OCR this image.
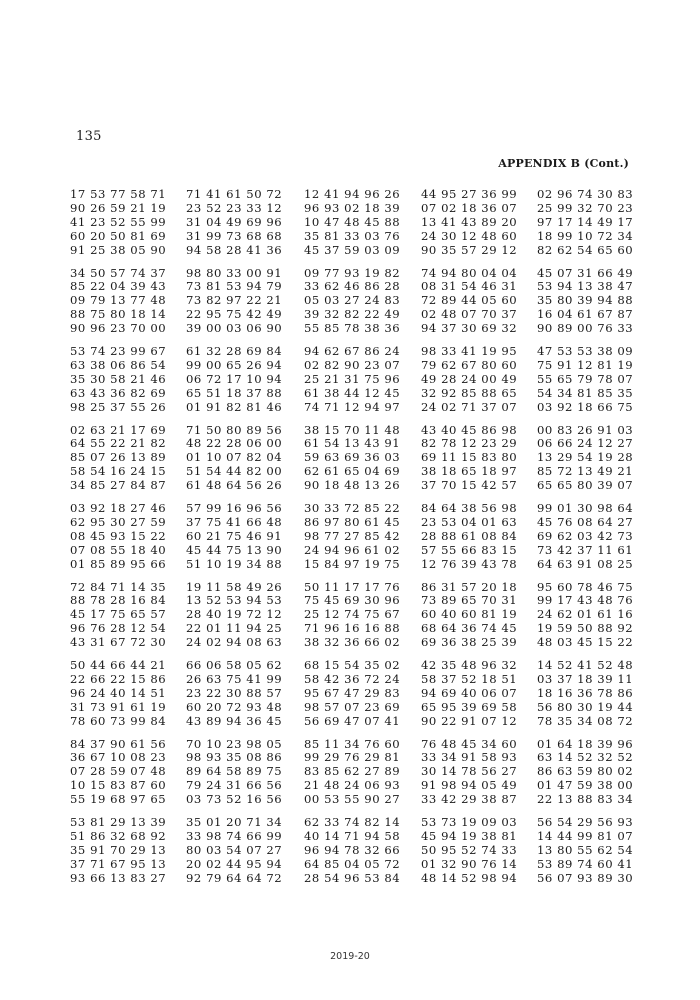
135
APPENDIX B (Cont.)
17 53 77 58 71
90 26 59 21 19
41 23 52 55 99
60 20 50 81 69
91 25 38 05 90
71 41 61 50 72
23 52 23 33 12
31 04 49 69 96
31 99 73 68 68
94 58 28 41 36
12 41 94 96 26
96 93 02 18 39
10 47 48 45 88
35 81 33 03 76
45 37 59 03 09
44 95 27 36 99
07 02 18 36 07
13 41 43 89 20
24 30 12 48 60
90 35 57 29 12
02 96 74 30 83
25 99 32 70 23
97 17 14 49 17
18 99 10 72 34
82 62 54 65 60
34 50 57 74 37
85 22 04 39 43
09 79 13 77 48
88 75 80 18 14
90 96 23 70 00
98 80 33 00 91
73 81 53 94 79
73 82 97 22 21
22 95 75 42 49
39 00 03 06 90
09 77 93 19 82
33 62 46 86 28
05 03 27 24 83
39 32 82 22 49
55 85 78 38 36
74 94 80 04 04
08 31 54 46 31
72 89 44 05 60
02 48 07 70 37
94 37 30 69 32
45 07 31 66 49
53 94 13 38 47
35 80 39 94 88
16 04 61 67 87
90 89 00 76 33
53 74 23 99 67
63 38 06 86 54
35 30 58 21 46
63 43 36 82 69
98 25 37 55 26
61 32 28 69 84
99 00 65 26 94
06 72 17 10 94
65 51 18 37 88
01 91 82 81 46
94 62 67 86 24
02 82 90 23 07
25 21 31 75 96
61 38 44 12 45
74 71 12 94 97
98 33 41 19 95
79 62 67 80 60
49 28 24 00 49
32 92 85 88 65
24 02 71 37 07
47 53 53 38 09
75 91 12 81 19
55 65 79 78 07
54 34 81 85 35
03 92 18 66 75
02 63 21 17 69
64 55 22 21 82
85 07 26 13 89
58 54 16 24 15
34 85 27 84 87
71 50 80 89 56
48 22 28 06 00
01 10 07 82 04
51 54 44 82 00
61 48 64 56 26
38 15 70 11 48
61 54 13 43 91
59 63 69 36 03
62 61 65 04 69
90 18 48 13 26
43 40 45 86 98
82 78 12 23 29
69 11 15 83 80
38 18 65 18 97
37 70 15 42 57
00 83 26 91 03
06 66 24 12 27
13 29 54 19 28
85 72 13 49 21
65 65 80 39 07
03 92 18 27 46
62 95 30 27 59
08 45 93 15 22
07 08 55 18 40
01 85 89 95 66
57 99 16 96 56
37 75 41 66 48
60 21 75 46 91
45 44 75 13 90
51 10 19 34 88
30 33 72 85 22
86 97 80 61 45
98 77 27 85 42
24 94 96 61 02
15 84 97 19 75
84 64 38 56 98
23 53 04 01 63
28 88 61 08 84
57 55 66 83 15
12 76 39 43 78
99 01 30 98 64
45 76 08 64 27
69 62 03 42 73
73 42 37 11 61
64 63 91 08 25
72 84 71 14 35
88 78 28 16 84
45 17 75 65 57
96 76 28 12 54
43 31 67 72 30
19 11 58 49 26
13 52 53 94 53
28 40 19 72 12
22 01 11 94 25
24 02 94 08 63
50 11 17 17 76
75 45 69 30 96
25 12 74 75 67
71 96 16 16 88
38 32 36 66 02
86 31 57 20 18
73 89 65 70 31
60 40 60 81 19
68 64 36 74 45
69 36 38 25 39
95 60 78 46 75
99 17 43 48 76
24 62 01 61 16
19 59 50 88 92
48 03 45 15 22
50 44 66 44 21
22 66 22 15 86
96 24 40 14 51
31 73 91 61 19
78 60 73 99 84
66 06 58 05 62
26 63 75 41 99
23 22 30 88 57
60 20 72 93 48
43 89 94 36 45
68 15 54 35 02
58 42 36 72 24
95 67 47 29 83
98 57 07 23 69
56 69 47 07 41
42 35 48 96 32
58 37 52 18 51
94 69 40 06 07
65 95 39 69 58
90 22 91 07 12
14 52 41 52 48
03 37 18 39 11
18 16 36 78 86
56 80 30 19 44
78 35 34 08 72
84 37 90 61 56
36 67 10 08 23
07 28 59 07 48
10 15 83 87 60
55 19 68 97 65
70 10 23 98 05
98 93 35 08 86
89 64 58 89 75
79 24 31 66 56
03 73 52 16 56
85 11 34 76 60
99 29 76 29 81
83 85 62 27 89
21 48 24 06 93
00 53 55 90 27
76 48 45 34 60
33 34 91 58 93
30 14 78 56 27
91 98 94 05 49
33 42 29 38 87
01 64 18 39 96
63 14 52 32 52
86 63 59 80 02
01 47 59 38 00
22 13 88 83 34
53 81 29 13 39
51 86 32 68 92
35 91 70 29 13
37 71 67 95 13
93 66 13 83 27
35 01 20 71 34
33 98 74 66 99
80 03 54 07 27
20 02 44 95 94
92 79 64 64 72
62 33 74 82 14
40 14 71 94 58
96 94 78 32 66
64 85 04 05 72
28 54 96 53 84
53 73 19 09 03
45 94 19 38 81
50 95 52 74 33
01 32 90 76 14
48 14 52 98 94
56 54 29 56 93
14 44 99 81 07
13 80 55 62 54
53 89 74 60 41
56 07 93 89 30
2019-20
